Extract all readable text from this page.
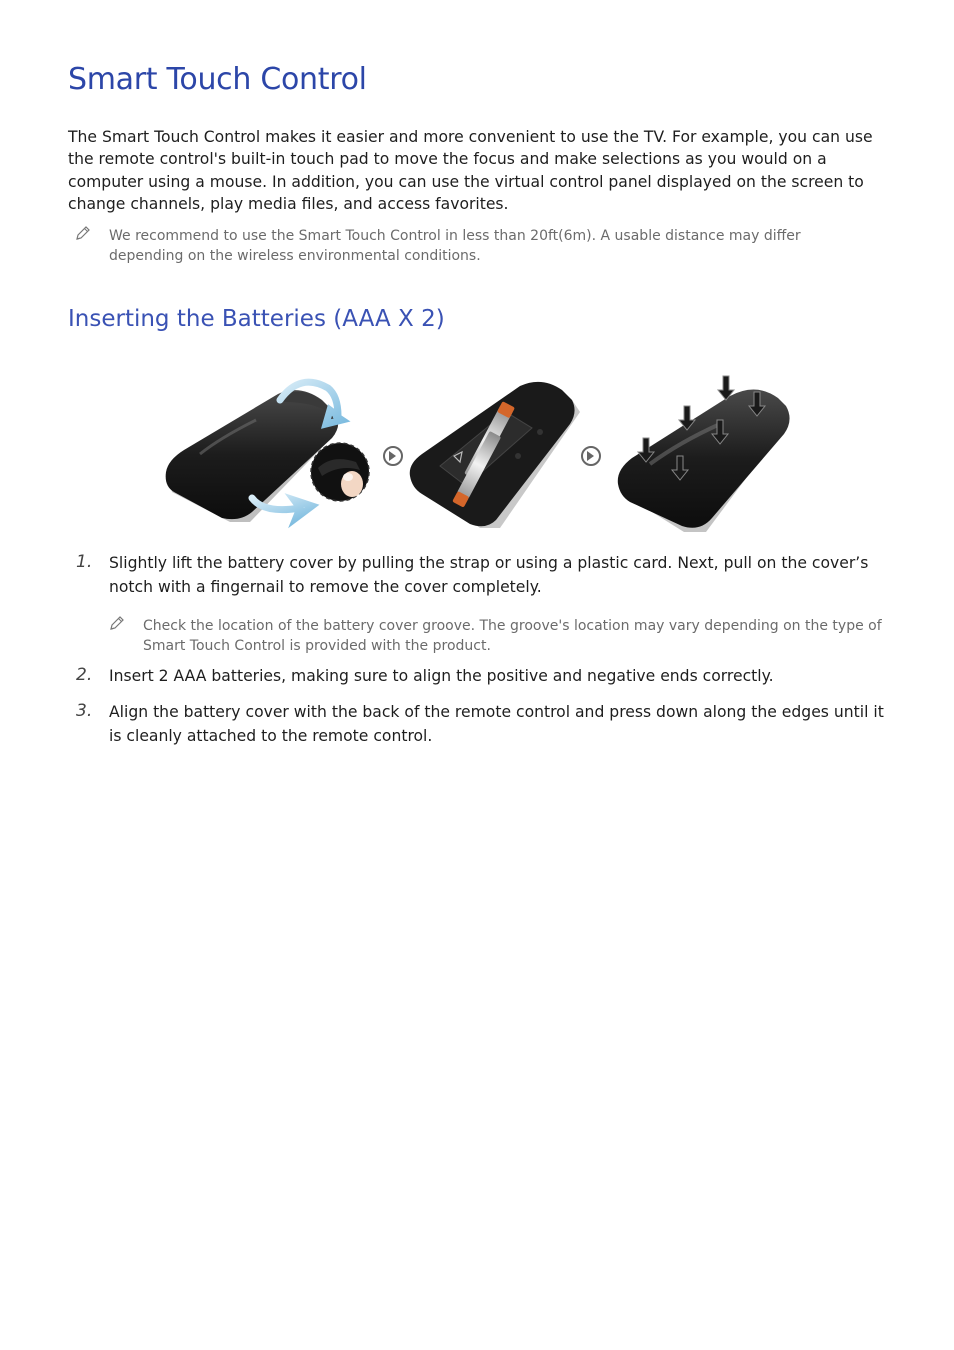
Smart Touch Control

The Smart Touch Control makes it easier and more convenient to use the TV. For example, you can use the remote control's built-in touch pad to move the focus and make selections as you would on a computer using a mouse. In addition, you can use the virtual control panel displayed on the screen to change channels, play media files, and access favorites.

We recommend to use the Smart Touch Control in less than 20ft(6m). A usable distance may differ depending on the wireless environmental conditions.

Inserting the Batteries (AAA X 2)
1. Slightly lift the battery cover by pulling the strap or using a plastic card. Next, pull on the cover’s notch with a fingernail to remove the cover completely.

Check the location of the battery cover groove. The groove's location may vary depending on the type of Smart Touch Control is provided with the product.

2. Insert 2 AAA batteries, making sure to align the positive and negative ends correctly.

3. Align the battery cover with the back of the remote control and press down along the edges until it is cleanly attached to the remote control.
